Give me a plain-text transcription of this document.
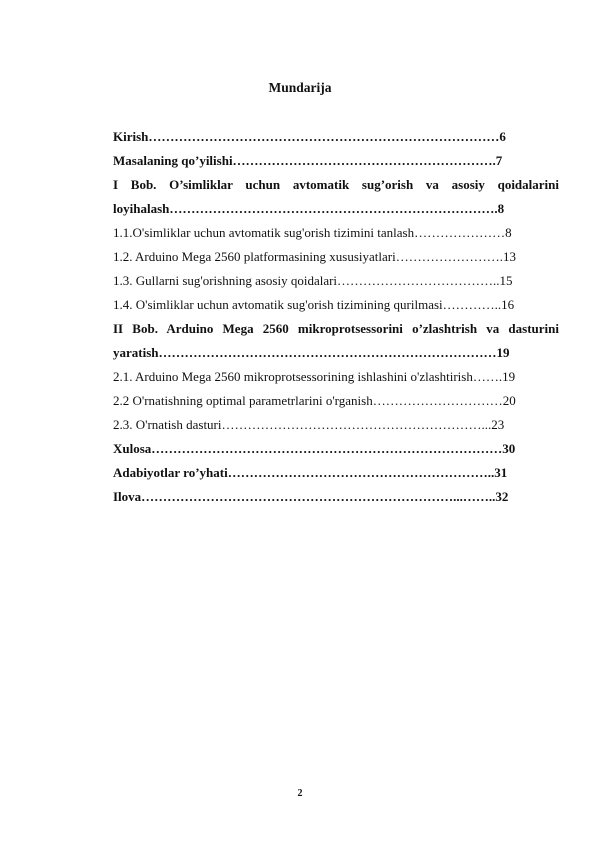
Mundarija
Kirish………………………………………………………………………6
Masalaning qo’yilishi…………………………………………………….7
I Bob. O’simliklar uchun avtomatik sug’orish va asosiy qoidalarini
loyihalash………………………………………………………………….8
1.1.O'simliklar uchun avtomatik sug'orish tizimini tanlash…………………8
1.2. Arduino Mega 2560 platformasining xususiyatlari…………………….13
1.3. Gullarni sug'orishning asosiy qoidalari………………………………..15
1.4. O'simliklar uchun avtomatik sug'orish tizimining qurilmasi…………..16
II Bob. Arduino Mega 2560 mikroprotsessorini o’zlashtrish va dasturini
yaratish……………………………………………………………………19
2.1. Arduino Mega 2560 mikroprotsessorining ishlashini o'zlashtirish…….19
2.2 O'rnatishning optimal parametrlarini o'rganish…………………………20
2.3. O'rnatish dasturi……………………………………………………...23
Xulosa………………………………………………………………………30
Adabiyotlar ro’yhati……………………………………………………..31
Ilova………………………………………………………………...……..32
2
